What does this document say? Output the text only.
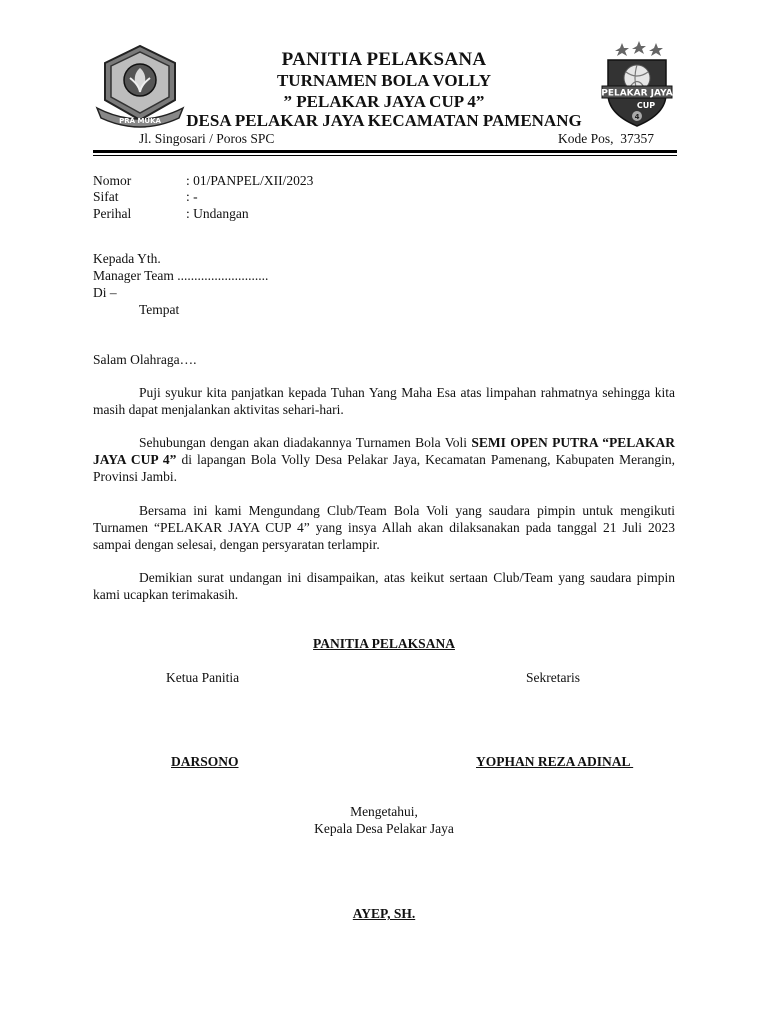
PRA MUKA
PELAKAR JAYA
CUP
4
PANITIA PELAKSANA
TURNAMEN BOLA VOLLY
” PELAKAR JAYA CUP 4”
DESA PELAKAR JAYA KECAMATAN PAMENANG
Jl. Singosari / Poros SPC	Kode Pos,  37357
Nomor	: 01/PANPEL/XII/2023
Sifat	: -
Perihal	: Undangan
Kepada Yth.
Manager Team ...........................
Di –
Tempat
Salam Olahraga….
Puji syukur kita panjatkan kepada Tuhan Yang Maha Esa atas limpahan rahmatnya sehingga kita masih dapat menjalankan aktivitas sehari-hari.
Sehubungan dengan akan diadakannya Turnamen Bola Voli SEMI OPEN PUTRA “PELAKAR JAYA CUP 4” di lapangan Bola Volly Desa Pelakar Jaya, Kecamatan Pamenang, Kabupaten Merangin, Provinsi Jambi.
Bersama ini kami Mengundang Club/Team Bola Voli yang saudara pimpin untuk mengikuti Turnamen “PELAKAR JAYA CUP 4” yang insya Allah akan dilaksanakan pada tanggal 21 Juli 2023 sampai dengan selesai, dengan persyaratan terlampir.
Demikian surat undangan ini disampaikan, atas keikut sertaan Club/Team yang saudara pimpin kami ucapkan terimakasih.
PANITIA PELAKSANA
Ketua Panitia	Sekretaris
DARSONO	YOPHAN REZA ADINAL
Mengetahui,
Kepala Desa Pelakar Jaya
AYEP, SH.
